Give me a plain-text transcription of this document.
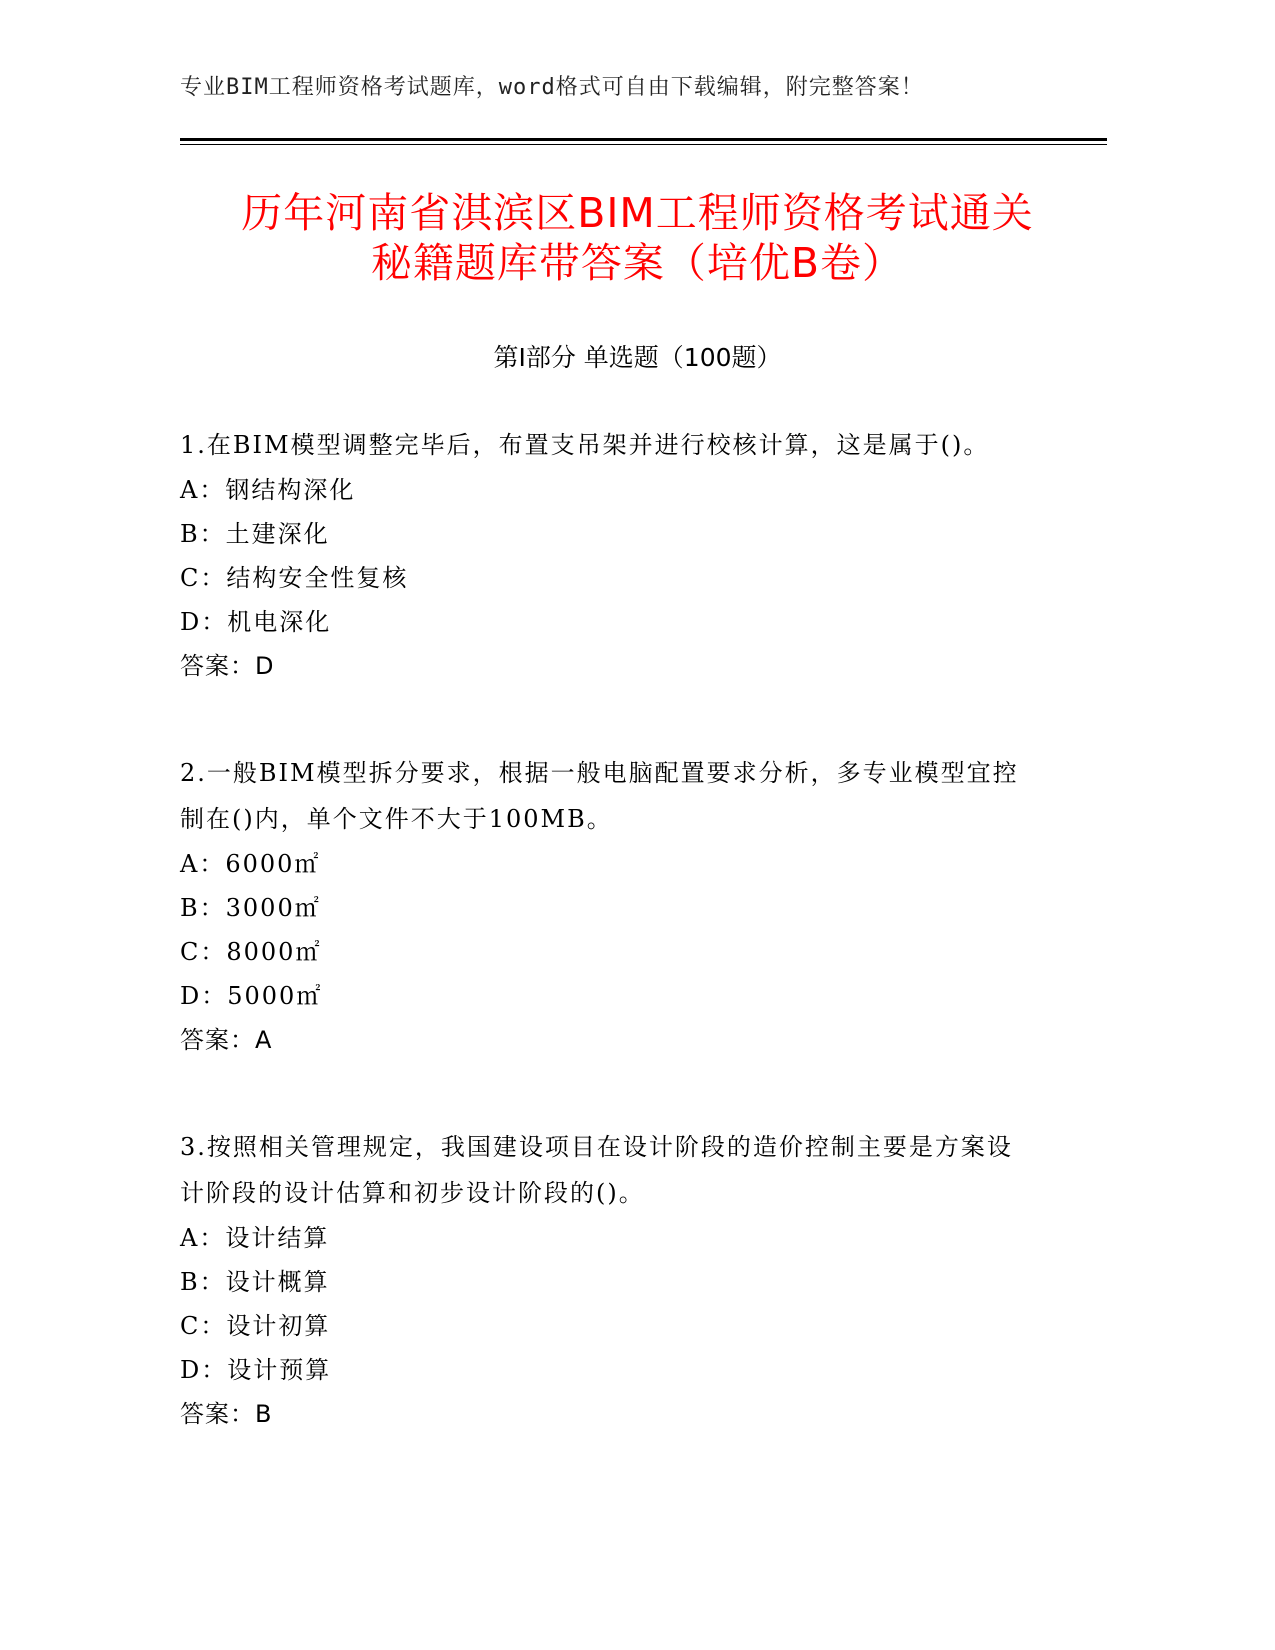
专业BIM工程师资格考试题库，word格式可自由下载编辑，附完整答案！
历年河南省淇滨区BIM工程师资格考试通关
秘籍题库带答案（培优B卷）
第Ⅰ部分 单选题（100题）
1.在BIM模型调整完毕后，布置支吊架并进行校核计算，这是属于()。
A：钢结构深化
B：土建深化
C：结构安全性复核
D：机电深化
答案：D
2.一般BIM模型拆分要求，根据一般电脑配置要求分析，多专业模型宜控制在()内，单个文件不大于100MB。
A：6000㎡
B：3000㎡
C：8000㎡
D：5000㎡
答案：A
3.按照相关管理规定，我国建设项目在设计阶段的造价控制主要是方案设计阶段的设计估算和初步设计阶段的()。
A：设计结算
B：设计概算
C：设计初算
D：设计预算
答案：B
